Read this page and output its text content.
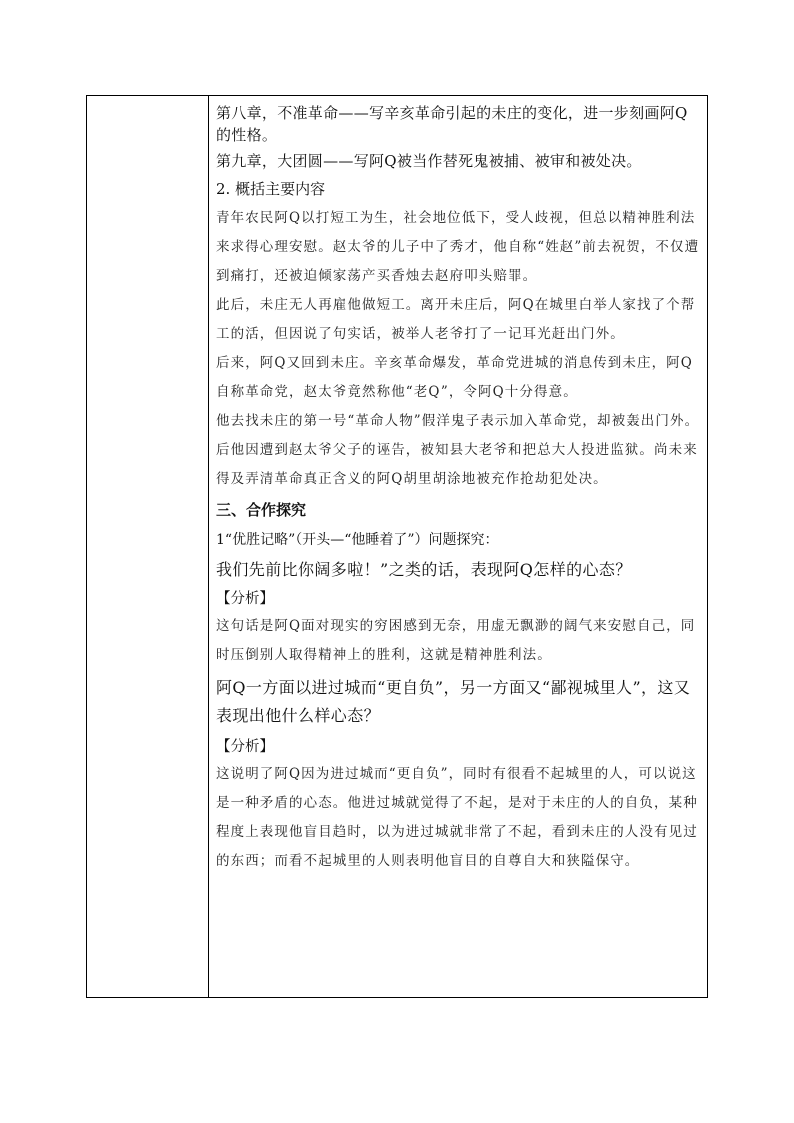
第八章，不准革命——写辛亥革命引起的未庄的变化，进一步刻画阿Q

的性格。

第九章，大团圆——写阿Q被当作替死鬼被捕、被审和被处决。

2. 概括主要内容

青年农民阿Q以打短工为生，社会地位低下，受人歧视，但总以精神胜利法来求得心理安慰。赵太爷的儿子中了秀才，他自称“姓赵”前去祝贺，不仅遭到痛打，还被迫倾家荡产买香烛去赵府叩头赔罪。

此后，未庄无人再雇他做短工。离开未庄后，阿Q在城里白举人家找了个帮工的活，但因说了句实话，被举人老爷打了一记耳光赶出门外。

后来，阿Q又回到未庄。辛亥革命爆发，革命党进城的消息传到未庄，阿Q自称革命党，赵太爷竟然称他“老Q”，令阿Q十分得意。

他去找未庄的第一号“革命人物”假洋鬼子表示加入革命党，却被轰出门外。后他因遭到赵太爷父子的诬告，被知县大老爷和把总大人投进监狱。尚未来得及弄清革命真正含义的阿Q胡里胡涂地被充作抢劫犯处决。

三、合作探究

1“优胜记略”（开头—“他睡着了”）问题探究：

我们先前比你阔多啦！”之类的话，表现阿Q怎样的心态？

【分析】

这句话是阿Q面对现实的穷困感到无奈，用虚无飘渺的阔气来安慰自己，同时压倒别人取得精神上的胜利，这就是精神胜利法。

阿Q一方面以进过城而“更自负”，另一方面又“鄙视城里人”，这又表现出他什么样心态？

【分析】

这说明了阿Q因为进过城而“更自负”，同时有很看不起城里的人，可以说这是一种矛盾的心态。他进过城就觉得了不起，是对于未庄的人的自负，某种程度上表现他盲目趋时，以为进过城就非常了不起，看到未庄的人没有见过的东西；而看不起城里的人则表明他盲目的自尊自大和狭隘保守。
